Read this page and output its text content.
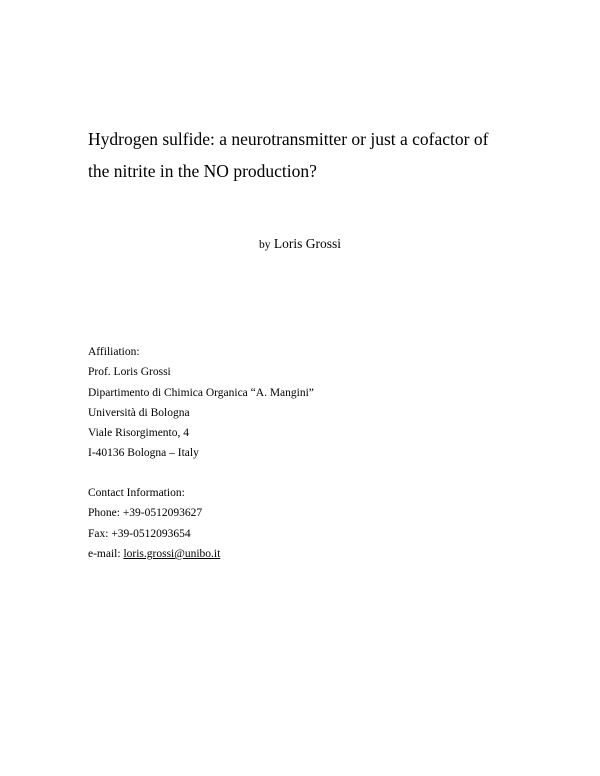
Hydrogen sulfide: a neurotransmitter or just a cofactor of
the nitrite in the NO production?
by Loris Grossi
Affiliation:
Prof. Loris Grossi
Dipartimento di Chimica Organica “A. Mangini”
Università di Bologna
Viale Risorgimento, 4
I-40136 Bologna – Italy
Contact Information:
Phone: +39-0512093627
Fax: +39-0512093654
e-mail: loris.grossi@unibo.it
